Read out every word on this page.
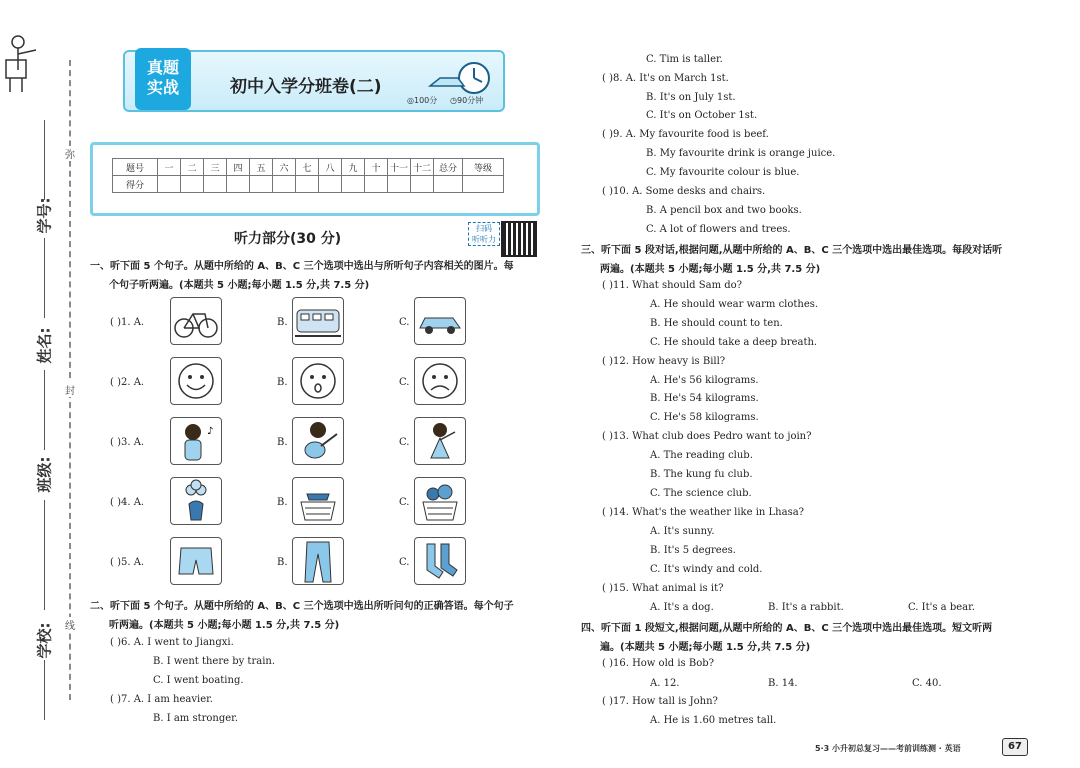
学号:
姓名:
班级:
学校:
弥
封
线
真题
实战	初中入学分班卷(二)
◎100分 ◷90分钟
题号	一	二	三	四	五	六	七	八	九	十	十一	十二	总分	等级
得分														
听力部分(30 分)
扫码
听听力
一、听下面 5 个句子。从题中所给的 A、B、C 三个选项中选出与所听句子内容相关的图片。每
个句子听两遍。(本题共 5 小题;每小题 1.5 分,共 7.5 分)
( )1. A.	B.	C.
( )2. A.	B.	C.
( )3. A.	B.	C.
♪
( )4. A.	B.	C.
( )5. A.	B.	C.
二、听下面 5 个句子。从题中所给的 A、B、C 三个选项中选出所听问句的正确答语。每个句子
听两遍。(本题共 5 小题;每小题 1.5 分,共 7.5 分)
( )6. A. I went to Jiangxi.
B. I went there by train.
C. I went boating.
( )7. A. I am heavier.
B. I am stronger.
C. Tim is taller.
( )8. A. It's on March 1st.
B. It's on July 1st.
C. It's on October 1st.
( )9. A. My favourite food is beef.
B. My favourite drink is orange juice.
C. My favourite colour is blue.
( )10. A. Some desks and chairs.
B. A pencil box and two books.
C. A lot of flowers and trees.
三、听下面 5 段对话,根据问题,从题中所给的 A、B、C 三个选项中选出最佳选项。每段对话听
两遍。(本题共 5 小题;每小题 1.5 分,共 7.5 分)
( )11. What should Sam do?
A. He should wear warm clothes.
B. He should count to ten.
C. He should take a deep breath.
( )12. How heavy is Bill?
A. He's 56 kilograms.
B. He's 54 kilograms.
C. He's 58 kilograms.
( )13. What club does Pedro want to join?
A. The reading club.
B. The kung fu club.
C. The science club.
( )14. What's the weather like in Lhasa?
A. It's sunny.
B. It's 5 degrees.
C. It's windy and cold.
( )15. What animal is it?
A. It's a dog.	B. It's a rabbit.	C. It's a bear.
四、听下面 1 段短文,根据问题,从题中所给的 A、B、C 三个选项中选出最佳选项。短文听两
遍。(本题共 5 小题;每小题 1.5 分,共 7.5 分)
( )16. How old is Bob?
A. 12.	B. 14.	C. 40.
( )17. How tall is John?
A. He is 1.60 metres tall.
5·3 小升初总复习——考前训练测 · 英语	67
